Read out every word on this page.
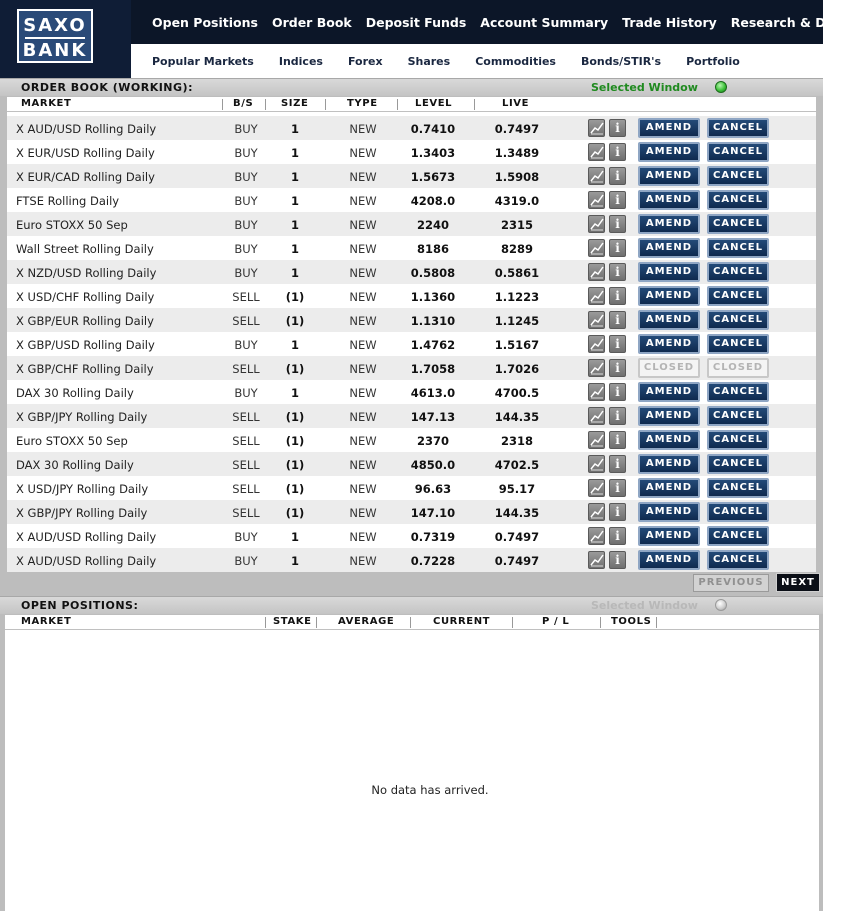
SAXO
BANK
Open Positions Order Book Deposit Funds Account Summary Trade History Research & Data
Popular Markets Indices Forex Shares Commodities Bonds/STIR's Portfolio
ORDER BOOK (WORKING):	Selected Window
MARKET	B/S	SIZE	TYPE	LEVEL	LIVE
X AUD/USD Rolling Daily	BUY	1	NEW	0.7410	0.7497	i	AMEND	CANCEL
X EUR/USD Rolling Daily	BUY	1	NEW	1.3403	1.3489	i	AMEND	CANCEL
X EUR/CAD Rolling Daily	BUY	1	NEW	1.5673	1.5908	i	AMEND	CANCEL
FTSE Rolling Daily	BUY	1	NEW	4208.0	4319.0	i	AMEND	CANCEL
Euro STOXX 50 Sep	BUY	1	NEW	2240	2315	i	AMEND	CANCEL
Wall Street Rolling Daily	BUY	1	NEW	8186	8289	i	AMEND	CANCEL
X NZD/USD Rolling Daily	BUY	1	NEW	0.5808	0.5861	i	AMEND	CANCEL
X USD/CHF Rolling Daily	SELL	(1)	NEW	1.1360	1.1223	i	AMEND	CANCEL
X GBP/EUR Rolling Daily	SELL	(1)	NEW	1.1310	1.1245	i	AMEND	CANCEL
X GBP/USD Rolling Daily	BUY	1	NEW	1.4762	1.5167	i	AMEND	CANCEL
X GBP/CHF Rolling Daily	SELL	(1)	NEW	1.7058	1.7026	i	CLOSED	CLOSED
DAX 30 Rolling Daily	BUY	1	NEW	4613.0	4700.5	i	AMEND	CANCEL
X GBP/JPY Rolling Daily	SELL	(1)	NEW	147.13	144.35	i	AMEND	CANCEL
Euro STOXX 50 Sep	SELL	(1)	NEW	2370	2318	i	AMEND	CANCEL
DAX 30 Rolling Daily	SELL	(1)	NEW	4850.0	4702.5	i	AMEND	CANCEL
X USD/JPY Rolling Daily	SELL	(1)	NEW	96.63	95.17	i	AMEND	CANCEL
X GBP/JPY Rolling Daily	SELL	(1)	NEW	147.10	144.35	i	AMEND	CANCEL
X AUD/USD Rolling Daily	BUY	1	NEW	0.7319	0.7497	i	AMEND	CANCEL
X AUD/USD Rolling Daily	BUY	1	NEW	0.7228	0.7497	i	AMEND	CANCEL
PREVIOUS	NEXT
OPEN POSITIONS:	Selected Window
MARKET	STAKE	AVERAGE	CURRENT	P / L	TOOLS
No data has arrived.
